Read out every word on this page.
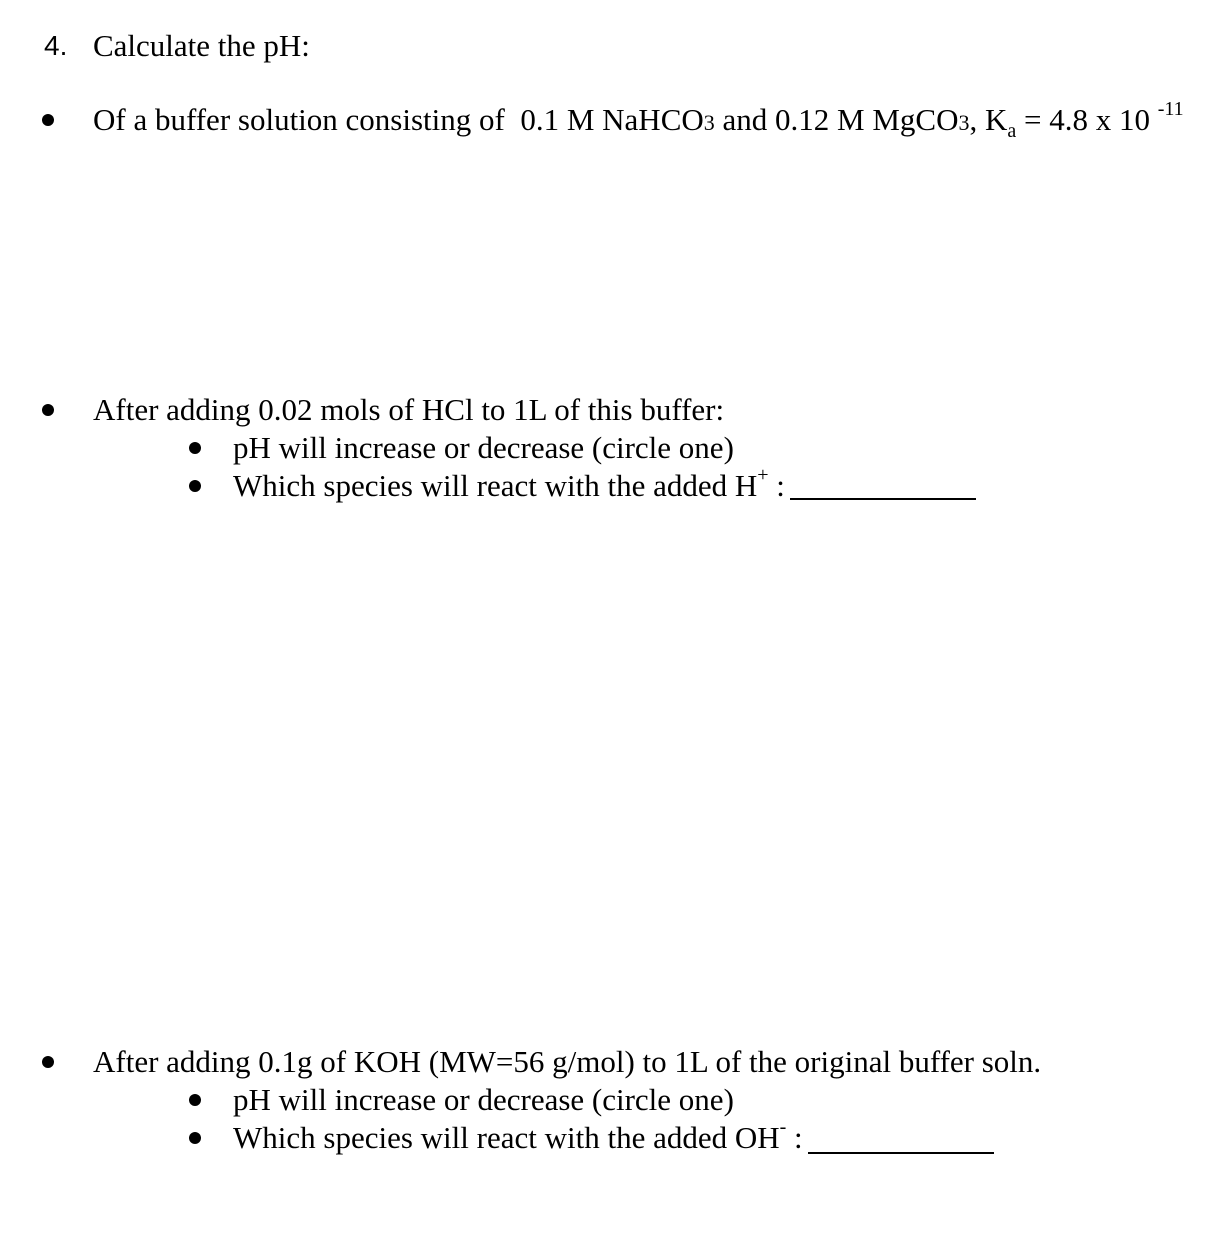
4. Calculate the pH:
Of a buffer solution consisting of 0.1 M NaHCO3 and 0.12 M MgCO3, $K_a = 4.8$ x 10 $^{-11}$
After adding 0.02 mols of HCl to 1L of this buffer:
pH will increase or decrease (circle one)
Which species will react with the added H+ :
After adding 0.1g of KOH (MW=56 g/mol) to 1L of the original buffer soln.
pH will increase or decrease (circle one)
Which species will react with the added OH- :
